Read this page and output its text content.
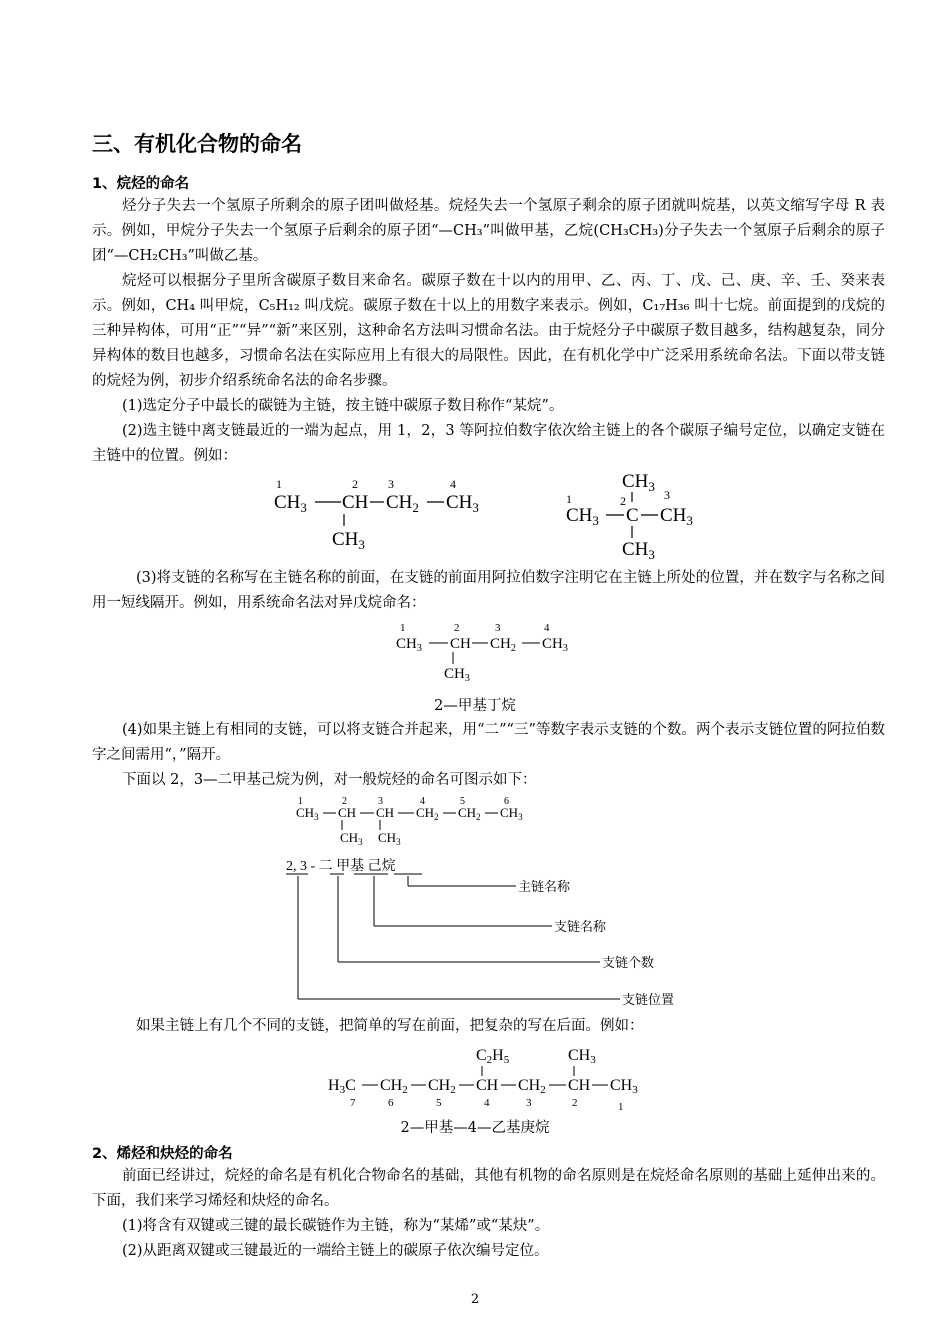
三、有机化合物的命名
1、烷烃的命名

烃分子失去一个氢原子所剩余的原子团叫做烃基。烷烃失去一个氢原子剩余的原子团就叫烷基，以英文缩写字母 R 表示。例如，甲烷分子失去一个氢原子后剩余的原子团“—CH₃”叫做甲基，乙烷(CH₃CH₃)分子失去一个氢原子后剩余的原子团“—CH₂CH₃”叫做乙基。

烷烃可以根据分子里所含碳原子数目来命名。碳原子数在十以内的用甲、乙、丙、丁、戊、己、庚、辛、壬、癸来表示。例如，CH₄ 叫甲烷，C₅H₁₂ 叫戊烷。碳原子数在十以上的用数字来表示。例如，C₁₇H₃₆ 叫十七烷。前面提到的戊烷的三种异构体，可用“正”“异”“新”来区别，这种命名方法叫习惯命名法。由于烷烃分子中碳原子数目越多，结构越复杂，同分异构体的数目也越多，习惯命名法在实际应用上有很大的局限性。因此，在有机化学中广泛采用系统命名法。下面以带支链的烷烃为例，初步介绍系统命名法的命名步骤。

(1)选定分子中最长的碳链为主链，按主链中碳原子数目称作“某烷”。

(2)选主链中离支链最近的一端为起点，用 1，2，3 等阿拉伯数字依次给主链上的各个碳原子编号定位，以确定支链在主链中的位置。例如：

1	2	3	4
$CH_3$ CH $CH_2$ $CH_3$
$CH_3$
$CH_3$
3
1	2
$CH_3$ C $CH_3$
$CH_3$

(3)将支链的名称写在主链名称的前面，在支链的前面用阿拉伯数字注明它在主链上所处的位置，并在数字与名称之间用一短线隔开。例如，用系统命名法对异戊烷命名：

1	2	3	4
$CH_3$ CH $CH_2$ $CH_3$
$CH_3$
2—甲基丁烷

(4)如果主链上有相同的支链，可以将支链合并起来，用“二”“三”等数字表示支链的个数。两个表示支链位置的阿拉伯数字之间需用“，”隔开。

下面以 2，3—二甲基己烷为例，对一般烷烃的命名可图示如下：

1	2	3	4	5	6
$CH_3$ CH CH $CH_2$ $CH_2$ $CH_3$
$CH_3$ $CH_3$
2, 3 - 二 甲基 己烷
主链名称
支链名称
支链个数
支链位置

如果主链上有几个不同的支链，把简单的写在前面，把复杂的写在后面。例如：

C2H5	CH3
H3C CH2 CH2 CH CH2 CH CH3
7	6	5	4	3	2	1
2—甲基—4—乙基庚烷
2、烯烃和炔烃的命名

前面已经讲过，烷烃的命名是有机化合物命名的基础，其他有机物的命名原则是在烷烃命名原则的基础上延伸出来的。下面，我们来学习烯烃和炔烃的命名。

(1)将含有双键或三键的最长碳链作为主链，称为“某烯”或“某炔”。

(2)从距离双键或三键最近的一端给主链上的碳原子依次编号定位。

2
